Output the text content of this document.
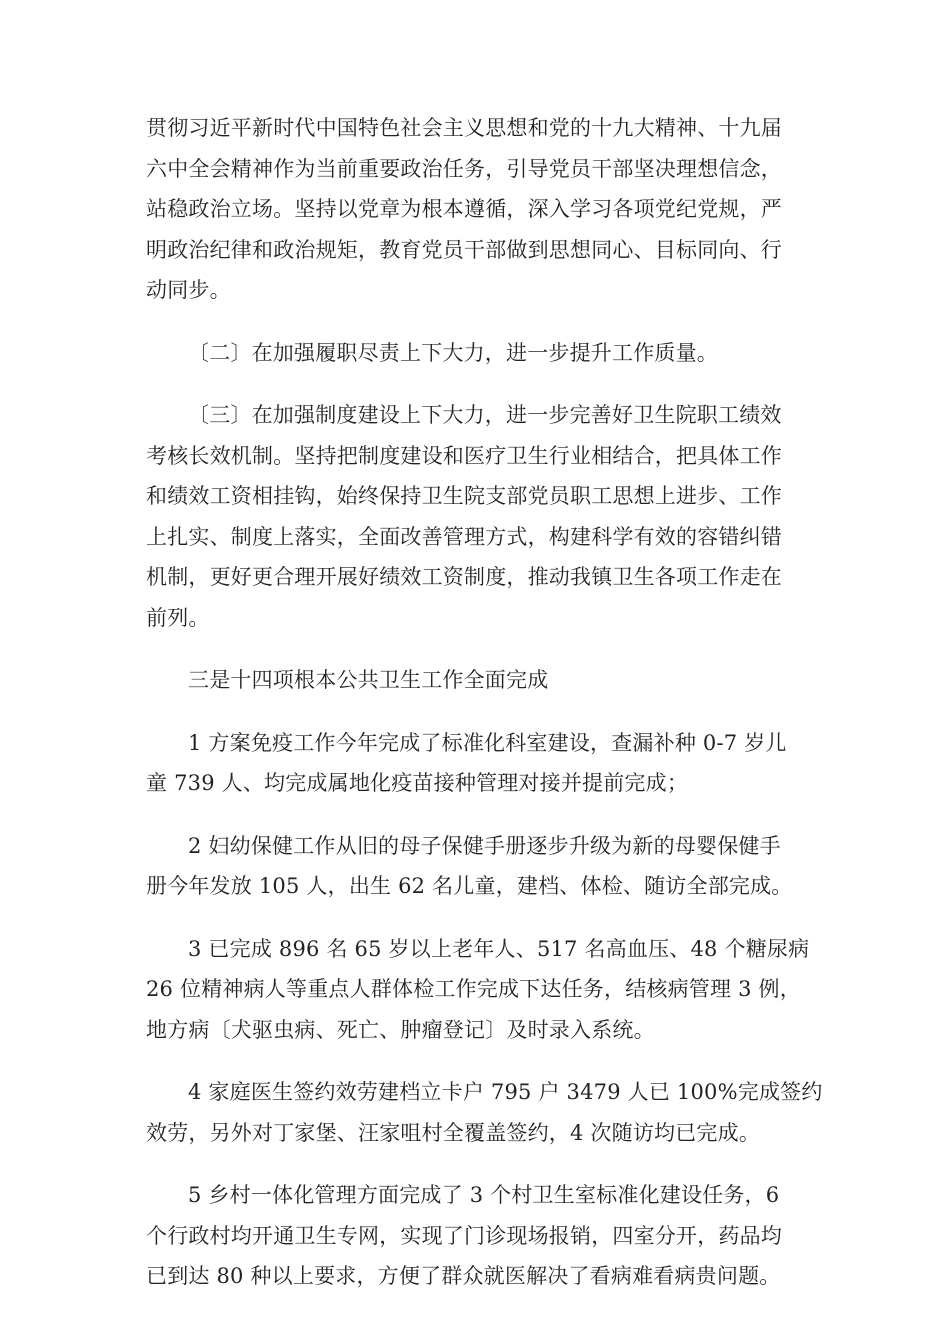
贯彻习近平新时代中国特色社会主义思想和党的十九大精神、十九届
六中全会精神作为当前重要政治任务，引导党员干部坚决理想信念，
站稳政治立场。坚持以党章为根本遵循，深入学习各项党纪党规，严
明政治纪律和政治规矩，教育党员干部做到思想同心、目标同向、行
动同步。

〔二〕在加强履职尽责上下大力，进一步提升工作质量。

〔三〕在加强制度建设上下大力，进一步完善好卫生院职工绩效
考核长效机制。坚持把制度建设和医疗卫生行业相结合，把具体工作
和绩效工资相挂钩，始终保持卫生院支部党员职工思想上进步、工作
上扎实、制度上落实，全面改善管理方式，构建科学有效的容错纠错
机制，更好更合理开展好绩效工资制度，推动我镇卫生各项工作走在
前列。

三是十四项根本公共卫生工作全面完成

1 方案免疫工作今年完成了标准化科室建设，查漏补种 0-7 岁儿
童 739 人、均完成属地化疫苗接种管理对接并提前完成；

2 妇幼保健工作从旧的母子保健手册逐步升级为新的母婴保健手
册今年发放 105 人，出生 62 名儿童，建档、体检、随访全部完成。

3 已完成 896 名 65 岁以上老年人、517 名高血压、48 个糖尿病
26 位精神病人等重点人群体检工作完成下达任务，结核病管理 3 例，
地方病〔犬驱虫病、死亡、肿瘤登记〕及时录入系统。

4 家庭医生签约效劳建档立卡户 795 户 3479 人已 100%完成签约
效劳，另外对丁家堡、汪家咀村全覆盖签约，4 次随访均已完成。

5 乡村一体化管理方面完成了 3 个村卫生室标准化建设任务，6
个行政村均开通卫生专网，实现了门诊现场报销，四室分开，药品均
已到达 80 种以上要求，方便了群众就医解决了看病难看病贵问题。
